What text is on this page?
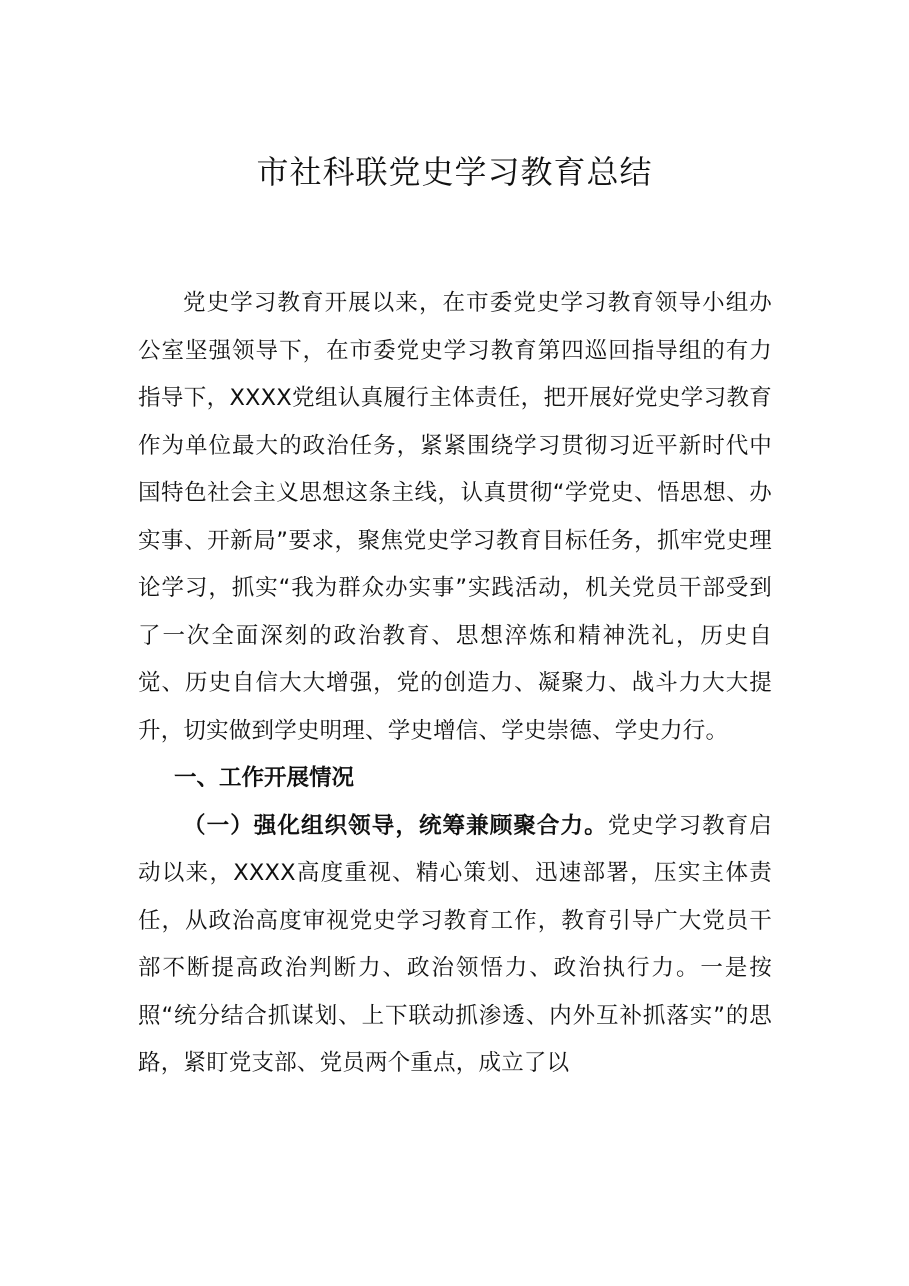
市社科联党史学习教育总结

党史学习教育开展以来，在市委党史学习教育领导小组办公室坚强领导下，在市委党史学习教育第四巡回指导组的有力指导下，XXXX党组认真履行主体责任，把开展好党史学习教育作为单位最大的政治任务，紧紧围绕学习贯彻习近平新时代中国特色社会主义思想这条主线，认真贯彻“学党史、悟思想、办实事、开新局”要求，聚焦党史学习教育目标任务，抓牢党史理论学习，抓实“我为群众办实事”实践活动，机关党员干部受到了一次全面深刻的政治教育、思想淬炼和精神洗礼，历史自觉、历史自信大大增强，党的创造力、凝聚力、战斗力大大提升，切实做到学史明理、学史增信、学史崇德、学史力行。

一、工作开展情况

（一）强化组织领导，统筹兼顾聚合力。党史学习教育启动以来，XXXX高度重视、精心策划、迅速部署，压实主体责任，从政治高度审视党史学习教育工作，教育引导广大党员干部不断提高政治判断力、政治领悟力、政治执行力。一是按照“统分结合抓谋划、上下联动抓渗透、内外互补抓落实”的思路，紧盯党支部、党员两个重点，成立了以
